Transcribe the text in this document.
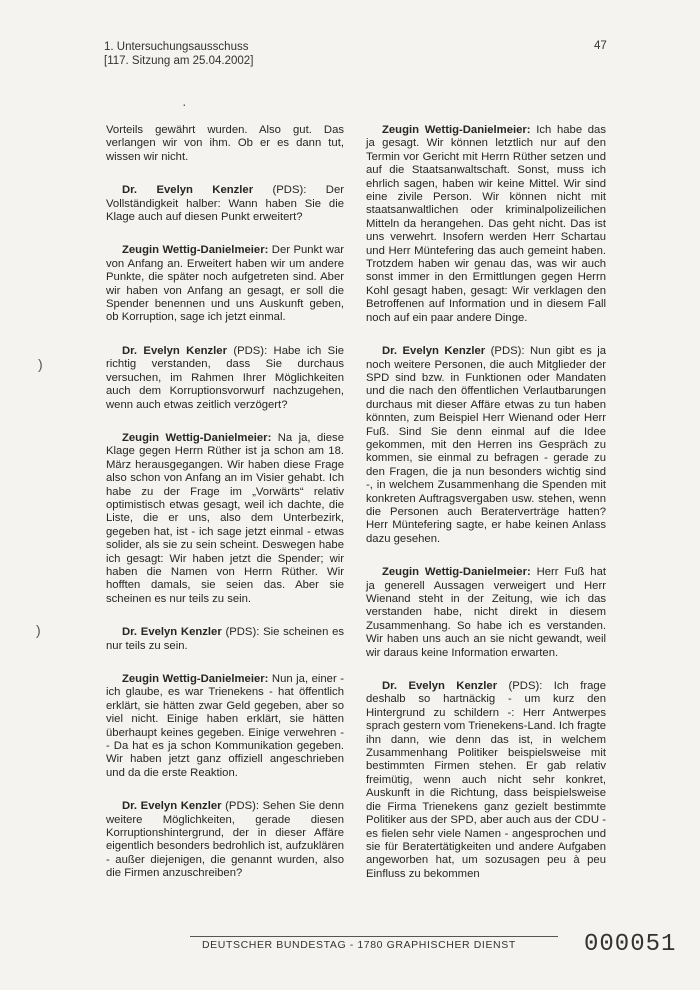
1. Untersuchungsausschuss
[117. Sitzung am 25.04.2002]
47
·
)
)

Vorteils gewährt wurden. Also gut. Das verlangen wir von ihm. Ob er es dann tut, wissen wir nicht.

Dr. Evelyn Kenzler (PDS): Der Vollständigkeit halber: Wann haben Sie die Klage auch auf diesen Punkt erweitert?

Zeugin Wettig-Danielmeier: Der Punkt war von Anfang an. Erweitert haben wir um andere Punkte, die später noch aufgetreten sind. Aber wir haben von Anfang an gesagt, er soll die Spender benennen und uns Auskunft geben, ob Korruption, sage ich jetzt einmal.

Dr. Evelyn Kenzler (PDS): Habe ich Sie richtig verstanden, dass Sie durchaus versuchen, im Rahmen Ihrer Möglichkeiten auch dem Korruptionsvorwurf nachzugehen, wenn auch etwas zeitlich verzögert?

Zeugin Wettig-Danielmeier: Na ja, diese Klage gegen Herrn Rüther ist ja schon am 18. März herausgegangen. Wir haben diese Frage also schon von Anfang an im Visier gehabt. Ich habe zu der Frage im „Vorwärts“ relativ optimistisch etwas gesagt, weil ich dachte, die Liste, die er uns, also dem Unterbezirk, gegeben hat, ist - ich sage jetzt einmal - etwas solider, als sie zu sein scheint. Deswegen habe ich gesagt: Wir haben jetzt die Spender; wir haben die Namen von Herrn Rüther. Wir hofften damals, sie seien das. Aber sie scheinen es nur teils zu sein.

Dr. Evelyn Kenzler (PDS): Sie scheinen es nur teils zu sein.

Zeugin Wettig-Danielmeier: Nun ja, einer - ich glaube, es war Trienekens - hat öffentlich erklärt, sie hätten zwar Geld gegeben, aber so viel nicht. Einige haben erklärt, sie hätten überhaupt keines gegeben. Einige verwehren - - Da hat es ja schon Kommunikation gegeben. Wir haben jetzt ganz offiziell angeschrieben und da die erste Reaktion.

Dr. Evelyn Kenzler (PDS): Sehen Sie denn weitere Möglichkeiten, gerade diesen Korruptionshintergrund, der in dieser Affäre eigentlich besonders bedrohlich ist, aufzuklären - außer diejenigen, die genannt wurden, also die Firmen anzuschreiben?

Zeugin Wettig-Danielmeier: Ich habe das ja gesagt. Wir können letztlich nur auf den Termin vor Gericht mit Herrn Rüther setzen und auf die Staatsanwaltschaft. Sonst, muss ich ehrlich sagen, haben wir keine Mittel. Wir sind eine zivile Person. Wir können nicht mit staatsanwaltlichen oder kriminalpolizeilichen Mitteln da herangehen. Das geht nicht. Das ist uns verwehrt. Insofern werden Herr Schartau und Herr Müntefering das auch gemeint haben. Trotzdem haben wir genau das, was wir auch sonst immer in den Ermittlungen gegen Herrn Kohl gesagt haben, gesagt: Wir verklagen den Betroffenen auf Information und in diesem Fall noch auf ein paar andere Dinge.

Dr. Evelyn Kenzler (PDS): Nun gibt es ja noch weitere Personen, die auch Mitglieder der SPD sind bzw. in Funktionen oder Mandaten und die nach den öffentlichen Verlautbarungen durchaus mit dieser Affäre etwas zu tun haben könnten, zum Beispiel Herr Wienand oder Herr Fuß. Sind Sie denn einmal auf die Idee gekommen, mit den Herren ins Gespräch zu kommen, sie einmal zu befragen - gerade zu den Fragen, die ja nun besonders wichtig sind -, in welchem Zusammenhang die Spenden mit konkreten Auftragsvergaben usw. stehen, wenn die Personen auch Beraterverträge hatten? Herr Müntefering sagte, er habe keinen Anlass dazu gesehen.

Zeugin Wettig-Danielmeier: Herr Fuß hat ja generell Aussagen verweigert und Herr Wienand steht in der Zeitung, wie ich das verstanden habe, nicht direkt in diesem Zusammenhang. So habe ich es verstanden. Wir haben uns auch an sie nicht gewandt, weil wir daraus keine Information erwarten.

Dr. Evelyn Kenzler (PDS): Ich frage deshalb so hartnäckig - um kurz den Hintergrund zu schildern -: Herr Antwerpes sprach gestern vom Trienekens-Land. Ich fragte ihn dann, wie denn das ist, in welchem Zusammenhang Politiker beispielsweise mit bestimmten Firmen stehen. Er gab relativ freimütig, wenn auch nicht sehr konkret, Auskunft in die Richtung, dass beispielsweise die Firma Trienekens ganz gezielt bestimmte Politiker aus der SPD, aber auch aus der CDU - es fielen sehr viele Namen - angesprochen und sie für Beratertätigkeiten und andere Aufgaben angeworben hat, um sozusagen peu à peu Einfluss zu bekommen

DEUTSCHER BUNDESTAG - 1780 GRAPHISCHER DIENST	000051
